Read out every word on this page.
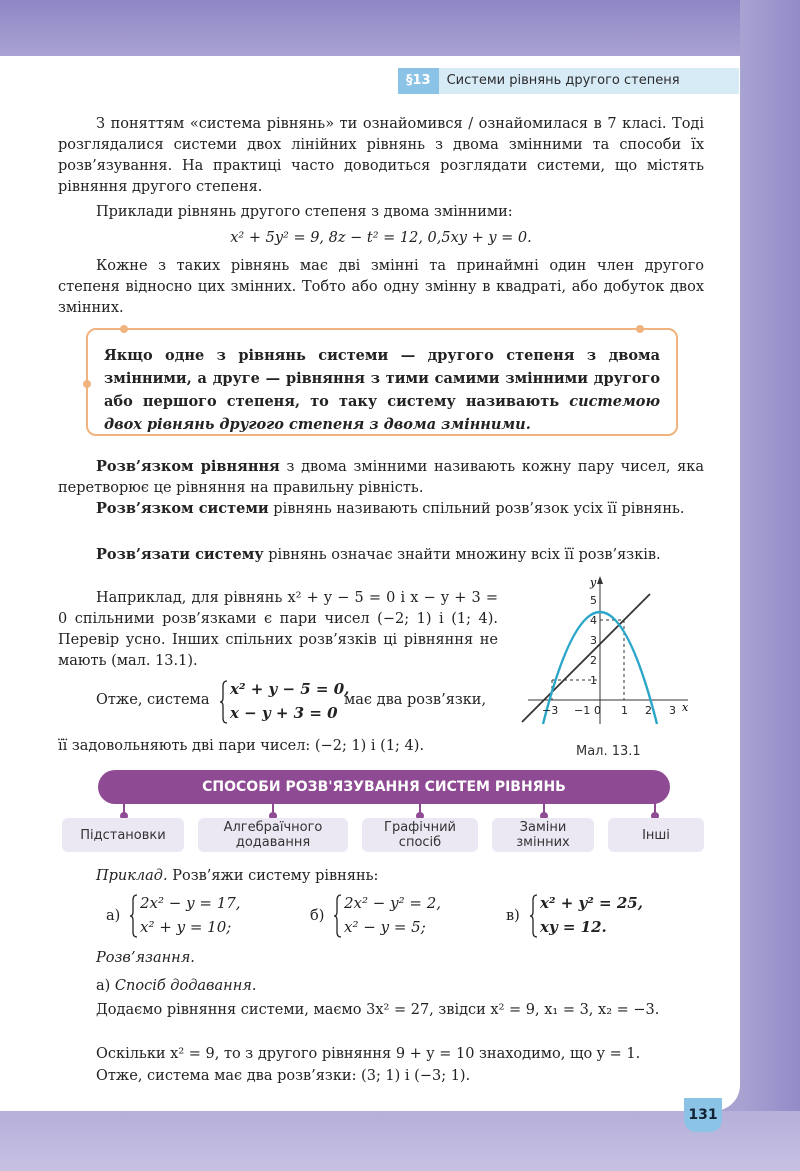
§13	Системи рівнянь другого степеня

З поняттям «система рівнянь» ти ознайомився / ознайомилася в 7 класі. Тоді розглядалися системи двох лінійних рівнянь з двома змінними та способи їх розв’язування. На практиці часто доводиться розглядати системи, що містять рівняння другого степеня.

Приклади рівнянь другого степеня з двома змінними:

x² + 5y² = 9, 8z − t² = 12, 0,5xy + y = 0.

Кожне з таких рівнянь має дві змінні та принаймні один член другого степеня відносно цих змінних. Тобто або одну змінну в квадраті, або добуток двох змінних.

Якщо одне з рівнянь системи — другого степеня з двома змінними, а друге — рівняння з тими самими змінними другого або першого степеня, то таку систему називають системою двох рівнянь другого степеня з двома змінними.

Розв’язком рівняння з двома змінними називають кожну пару чисел, яка перетворює це рівняння на правильну рівність.

Розв’язком системи рівнянь називають спільний розв’язок усіх її рівнянь.

Розв’язати систему рівнянь означає знайти множину всіх її розв’язків.

Наприклад, для рівнянь x² + y − 5 = 0 і x − y + 3 = 0 спільними розв’язками є пари чисел (−2; 1) і (1; 4). Перевір усно. Інших спільних розв’язків ці рівняння не мають (мал. 13.1).

Отже, система
x² + y − 5 = 0,
x − y + 3 = 0
має два розв’язки,

її задовольняють дві пари чисел: (−2; 1) і (1; 4).

y
x
5
4
3
2
1
−3 −1 0 1 2 3
Мал. 13.1
СПОСОБИ РОЗВ'ЯЗУВАННЯ СИСТЕМ РІВНЯНЬ
Підстановки	Алгебраїчного додавання
Графічний спосіб
Заміни змінних	Інші

Приклад. Розв’яжи систему рівнянь:

а)
2x² − y = 17,
x² + y = 10;
б)
2x² − y² = 2,
x² − y = 5;
в)
x² + y² = 25,
xy = 12.

Розв’язання.

а) Спосіб додавання.

Додаємо рівняння системи, маємо 3x² = 27, звідси x² = 9, x₁ = 3, x₂ = −3.

Оскільки x² = 9, то з другого рівняння 9 + y = 10 знаходимо, що y = 1.

Отже, система має два розв’язки: (3; 1) і (−3; 1).

131
